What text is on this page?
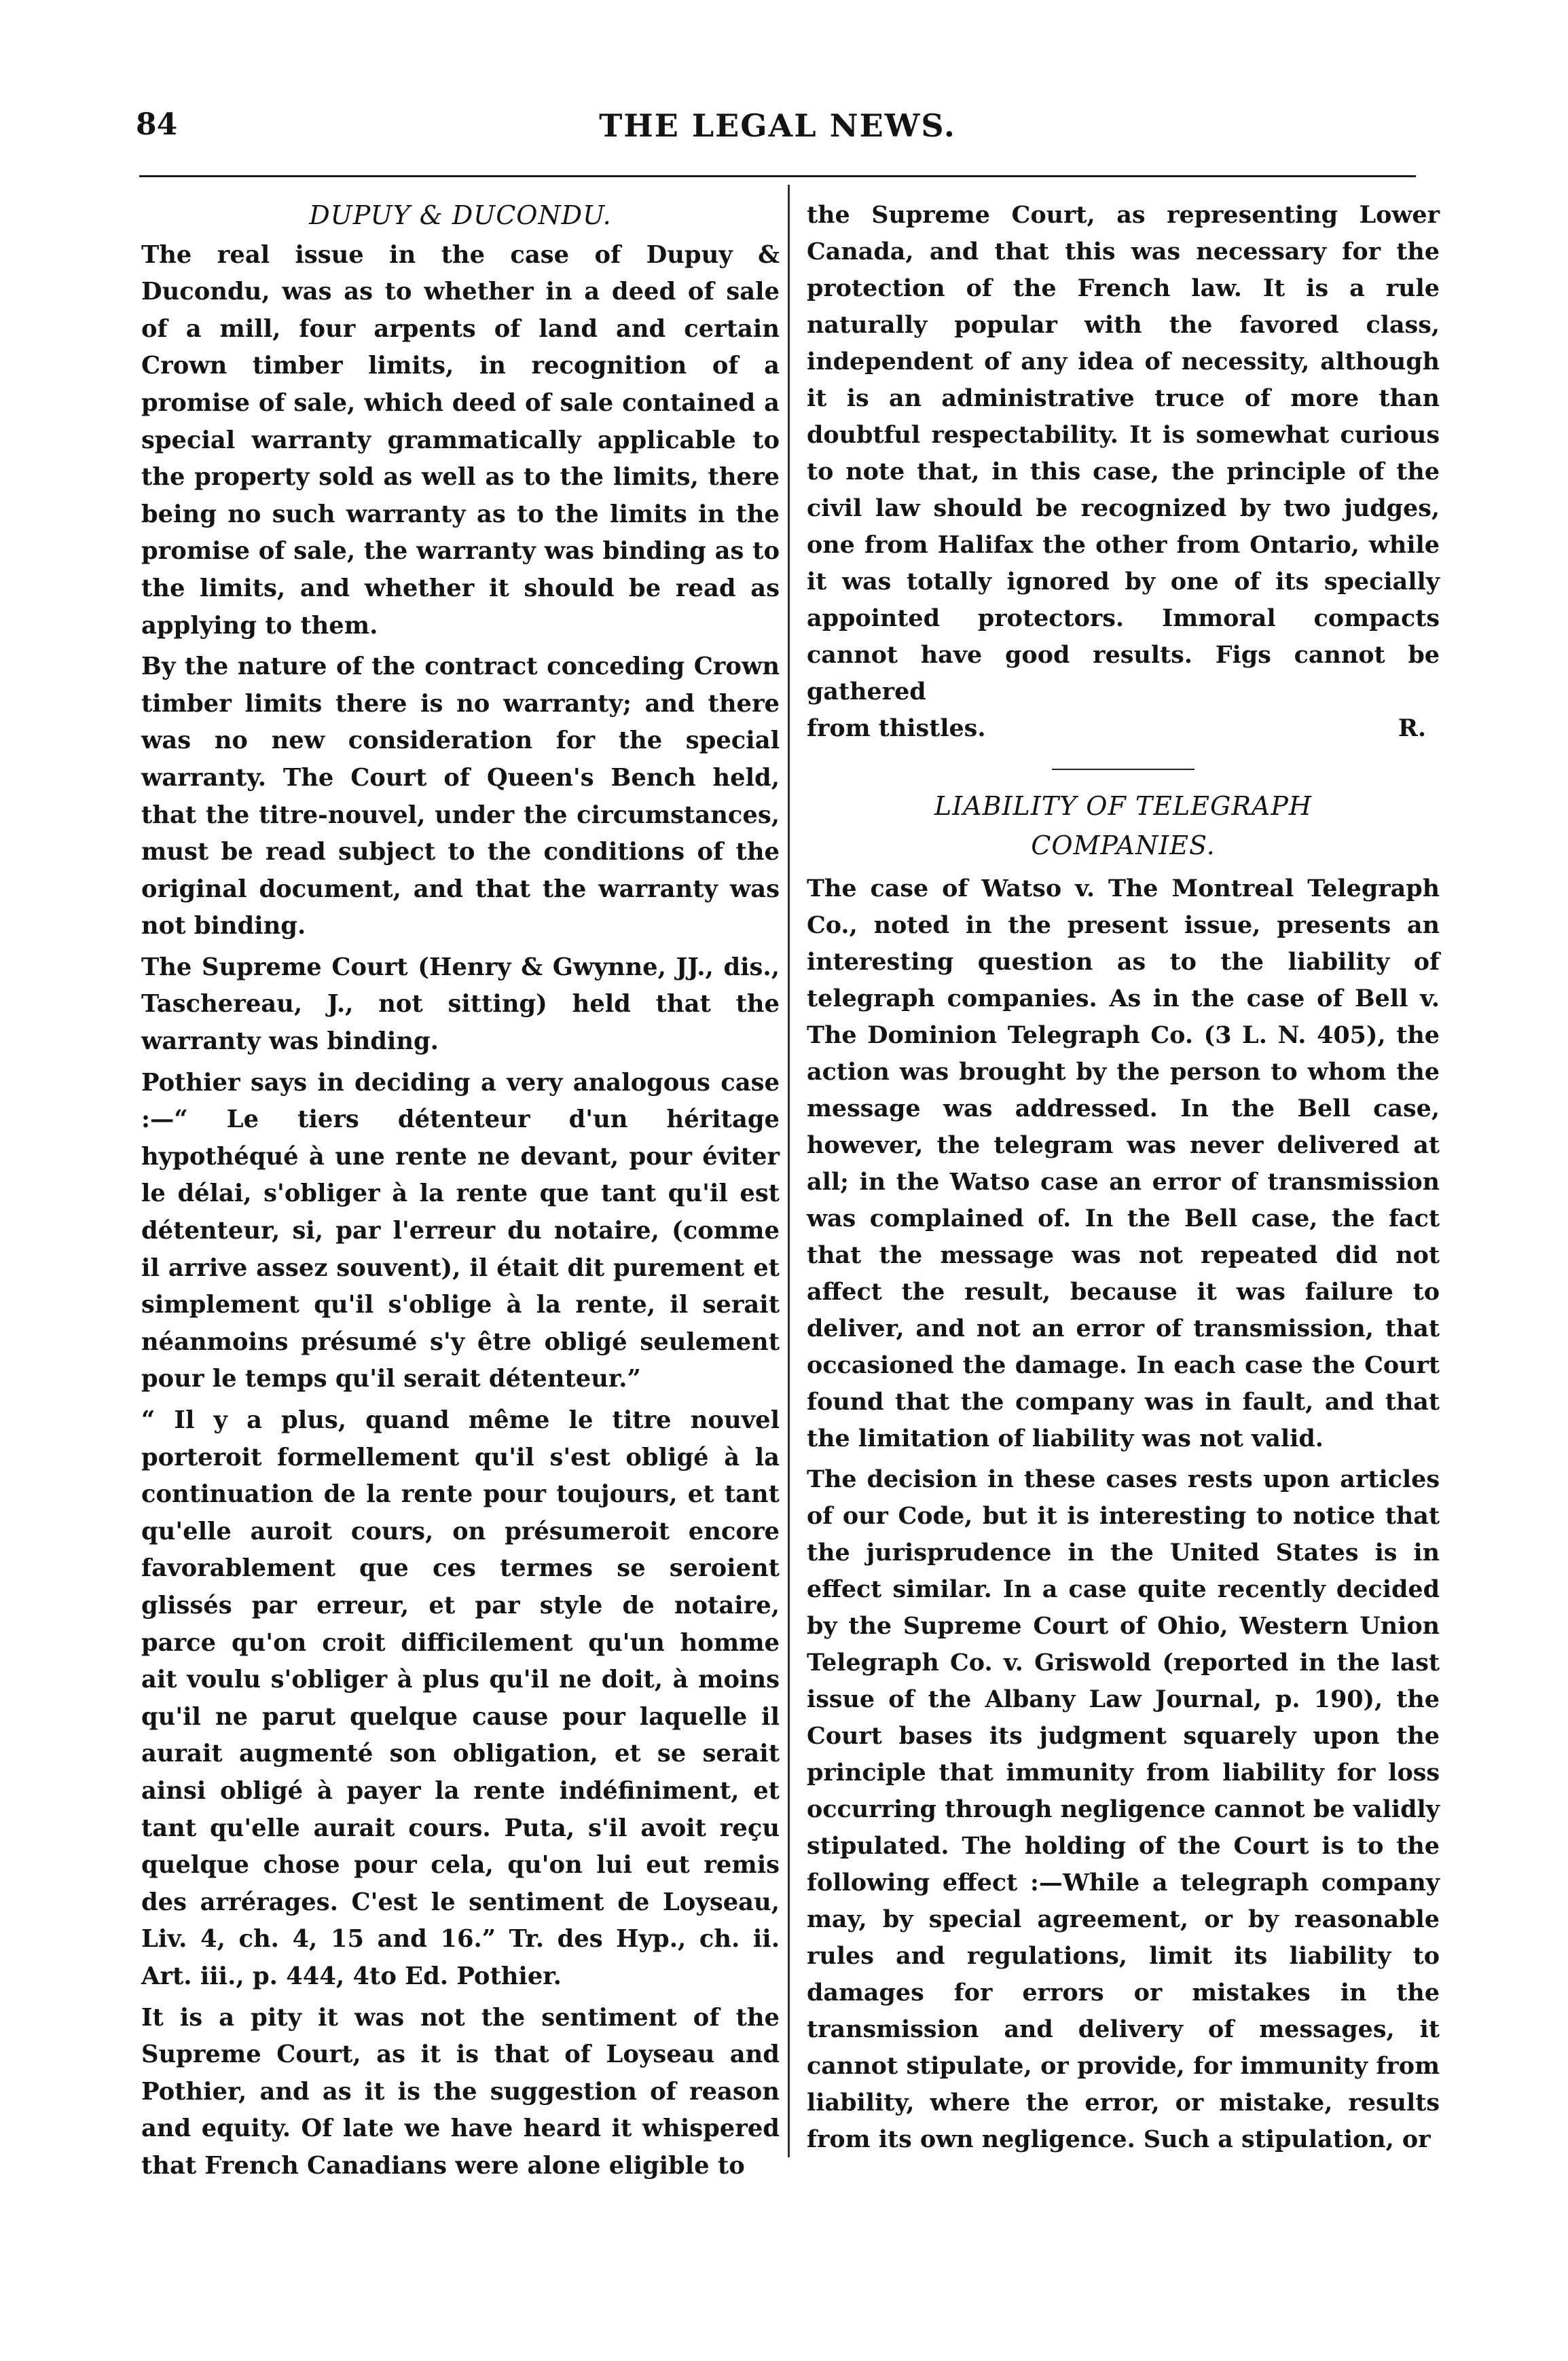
84	THE LEGAL NEWS.
DUPUY & DUCONDU.

The real issue in the case of Dupuy & Ducondu, was as to whether in a deed of sale of a mill, four arpents of land and certain Crown timber limits, in recognition of a promise of sale, which deed of sale contained a special warranty grammatically applicable to the property sold as well as to the limits, there being no such warranty as to the limits in the promise of sale, the warranty was binding as to the limits, and whether it should be read as applying to them.

By the nature of the contract conceding Crown timber limits there is no warranty; and there was no new consideration for the special warranty. The Court of Queen's Bench held, that the titre-nouvel, under the circumstances, must be read subject to the conditions of the original document, and that the warranty was not binding.

The Supreme Court (Henry & Gwynne, JJ., dis., Taschereau, J., not sitting) held that the warranty was binding.

Pothier says in deciding a very analogous case :—“ Le tiers détenteur d'un héritage hypothéqué à une rente ne devant, pour éviter le délai, s'obliger à la rente que tant qu'il est détenteur, si, par l'erreur du notaire, (comme il arrive assez souvent), il était dit purement et simplement qu'il s'oblige à la rente, il serait néanmoins présumé s'y être obligé seulement pour le temps qu'il serait détenteur.”

“ Il y a plus, quand même le titre nouvel porteroit formellement qu'il s'est obligé à la continuation de la rente pour toujours, et tant qu'elle auroit cours, on présumeroit encore favorablement que ces termes se seroient glissés par erreur, et par style de notaire, parce qu'on croit difficilement qu'un homme ait voulu s'obliger à plus qu'il ne doit, à moins qu'il ne parut quelque cause pour laquelle il aurait augmenté son obligation, et se serait ainsi obligé à payer la rente indéfiniment, et tant qu'elle aurait cours. Puta, s'il avoit reçu quelque chose pour cela, qu'on lui eut remis des arrérages. C'est le sentiment de Loyseau, Liv. 4, ch. 4, 15 and 16.” Tr. des Hyp., ch. ii. Art. iii., p. 444, 4to Ed. Pothier.

It is a pity it was not the sentiment of the Supreme Court, as it is that of Loyseau and Pothier, and as it is the suggestion of reason and equity. Of late we have heard it whispered that French Canadians were alone eligible to

the Supreme Court, as representing Lower Canada, and that this was necessary for the protection of the French law. It is a rule naturally popular with the favored class, independent of any idea of necessity, although it is an administrative truce of more than doubtful respectability. It is somewhat curious to note that, in this case, the principle of the civil law should be recognized by two judges, one from Halifax the other from Ontario, while it was totally ignored by one of its specially appointed protectors. Immoral compacts cannot have good results. Figs cannot be gathered

from thistles.	R.
LIABILITY OF TELEGRAPH
COMPANIES.

The case of Watso v. The Montreal Telegraph Co., noted in the present issue, presents an interesting question as to the liability of telegraph companies. As in the case of Bell v. The Dominion Telegraph Co. (3 L. N. 405), the action was brought by the person to whom the message was addressed. In the Bell case, however, the telegram was never delivered at all; in the Watso case an error of transmission was complained of. In the Bell case, the fact that the message was not repeated did not affect the result, because it was failure to deliver, and not an error of transmission, that occasioned the damage. In each case the Court found that the company was in fault, and that the limitation of liability was not valid.

The decision in these cases rests upon articles of our Code, but it is interesting to notice that the jurisprudence in the United States is in effect similar. In a case quite recently decided by the Supreme Court of Ohio, Western Union Telegraph Co. v. Griswold (reported in the last issue of the Albany Law Journal, p. 190), the Court bases its judgment squarely upon the principle that immunity from liability for loss occurring through negligence cannot be validly stipulated. The holding of the Court is to the following effect :—While a telegraph company may, by special agreement, or by reasonable rules and regulations, limit its liability to damages for errors or mistakes in the transmission and delivery of messages, it cannot stipulate, or provide, for immunity from liability, where the error, or mistake, results from its own negligence. Such a stipulation, or
